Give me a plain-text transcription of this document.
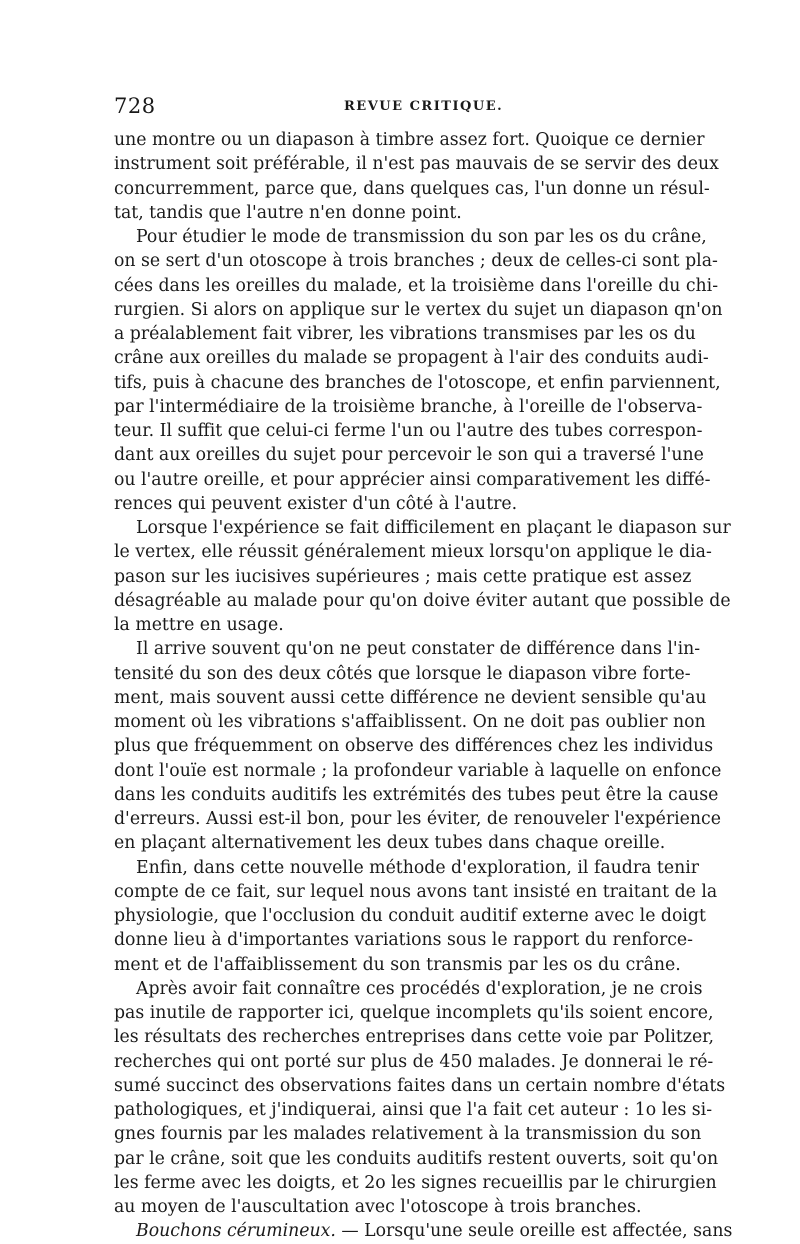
728	REVUE CRITIQUE.
une montre ou un diapason à timbre assez fort. Quoique ce dernier
instrument soit préférable, il n'est pas mauvais de se servir des deux
concurremment, parce que, dans quelques cas, l'un donne un résul-
tat, tandis que l'autre n'en donne point.
Pour étudier le mode de transmission du son par les os du crâne,
on se sert d'un otoscope à trois branches ; deux de celles-ci sont pla-
cées dans les oreilles du malade, et la troisième dans l'oreille du chi-
rurgien. Si alors on applique sur le vertex du sujet un diapason qn'on
a préalablement fait vibrer, les vibrations transmises par les os du
crâne aux oreilles du malade se propagent à l'air des conduits audi-
tifs, puis à chacune des branches de l'otoscope, et enfin parviennent,
par l'intermédiaire de la troisième branche, à l'oreille de l'observa-
teur. Il suffit que celui-ci ferme l'un ou l'autre des tubes correspon-
dant aux oreilles du sujet pour percevoir le son qui a traversé l'une
ou l'autre oreille, et pour apprécier ainsi comparativement les diffé-
rences qui peuvent exister d'un côté à l'autre.
Lorsque l'expérience se fait difficilement en plaçant le diapason sur
le vertex, elle réussit généralement mieux lorsqu'on applique le dia-
pason sur les iucisives supérieures ; mais cette pratique est assez
désagréable au malade pour qu'on doive éviter autant que possible de
la mettre en usage.
Il arrive souvent qu'on ne peut constater de différence dans l'in-
tensité du son des deux côtés que lorsque le diapason vibre forte-
ment, mais souvent aussi cette différence ne devient sensible qu'au
moment où les vibrations s'affaiblissent. On ne doit pas oublier non
plus que fréquemment on observe des différences chez les individus
dont l'ouïe est normale ; la profondeur variable à laquelle on enfonce
dans les conduits auditifs les extrémités des tubes peut être la cause
d'erreurs. Aussi est-il bon, pour les éviter, de renouveler l'expérience
en plaçant alternativement les deux tubes dans chaque oreille.
Enfin, dans cette nouvelle méthode d'exploration, il faudra tenir
compte de ce fait, sur lequel nous avons tant insisté en traitant de la
physiologie, que l'occlusion du conduit auditif externe avec le doigt
donne lieu à d'importantes variations sous le rapport du renforce-
ment et de l'affaiblissement du son transmis par les os du crâne.
Après avoir fait connaître ces procédés d'exploration, je ne crois
pas inutile de rapporter ici, quelque incomplets qu'ils soient encore,
les résultats des recherches entreprises dans cette voie par Politzer,
recherches qui ont porté sur plus de 450 malades. Je donnerai le ré-
sumé succinct des observations faites dans un certain nombre d'états
pathologiques, et j'indiquerai, ainsi que l'a fait cet auteur : 1o les si-
gnes fournis par les malades relativement à la transmission du son
par le crâne, soit que les conduits auditifs restent ouverts, soit qu'on
les ferme avec les doigts, et 2o les signes recueillis par le chirurgien
au moyen de l'auscultation avec l'otoscope à trois branches.
Bouchons cérumineux. — Lorsqu'une seule oreille est affectée, sans
